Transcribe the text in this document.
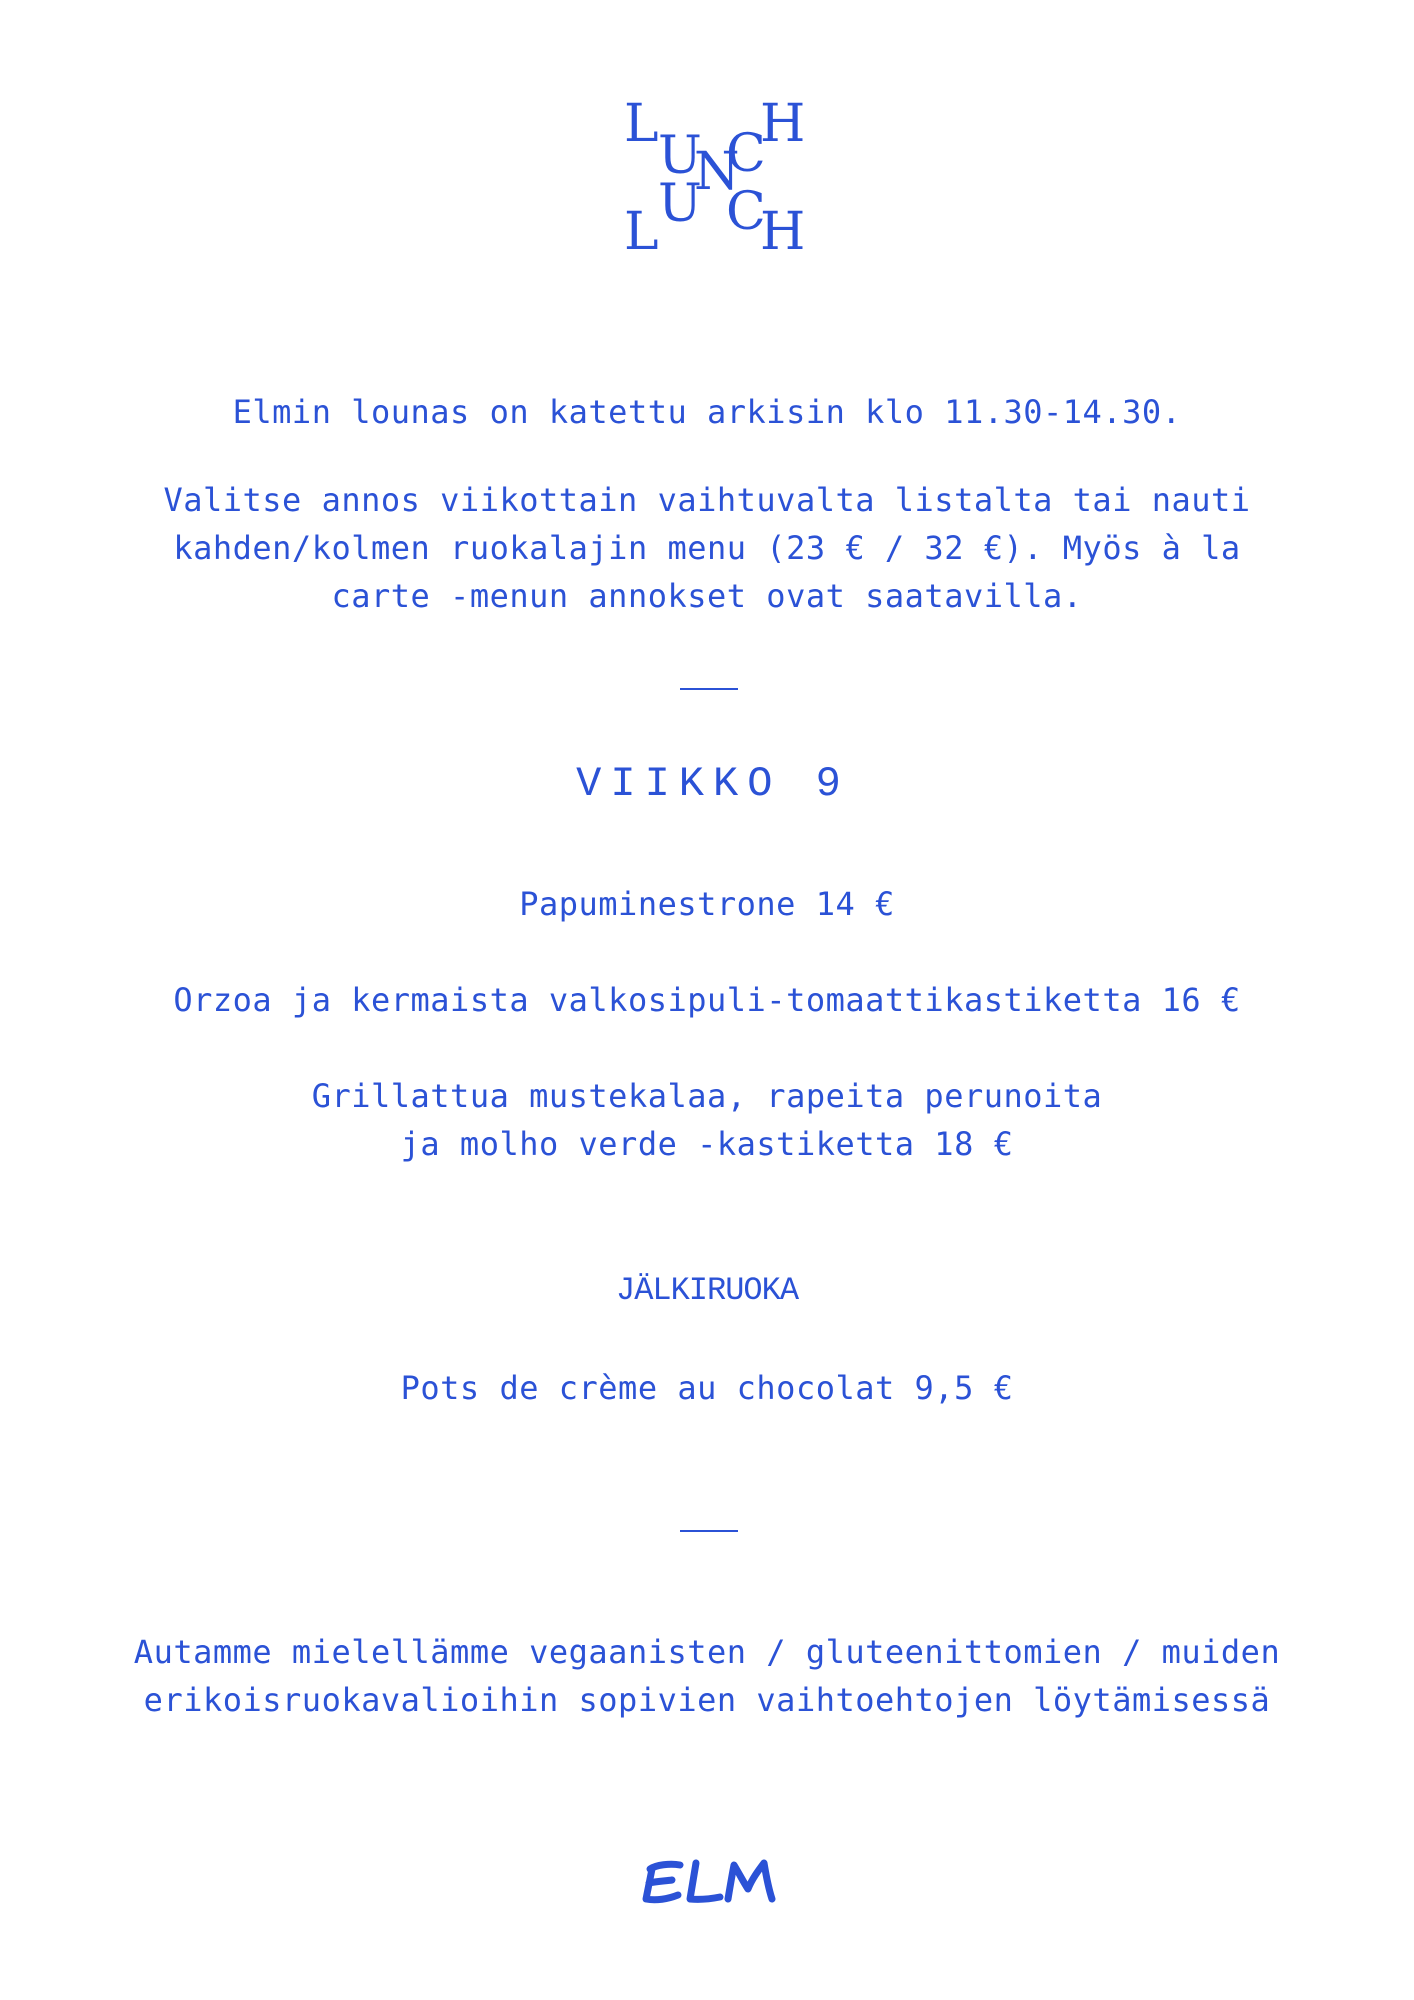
L
U
N
C
H
L U C
H
Elmin lounas on katettu arkisin klo 11.30-14.30.
Valitse annos viikottain vaihtuvalta listalta tai nauti
kahden/kolmen ruokalajin menu (23 € / 32 €). Myös à la
carte -menun annokset ovat saatavilla.
VIIKKO 9
Papuminestrone 14 €
Orzoa ja kermaista valkosipuli-tomaattikastiketta 16 €
Grillattua mustekalaa, rapeita perunoita
ja molho verde -kastiketta 18 €
JÄLKIRUOKA
Pots de crème au chocolat 9,5 €
Autamme mielellämme vegaanisten / gluteenittomien / muiden
erikoisruokavalioihin sopivien vaihtoehtojen löytämisessä
